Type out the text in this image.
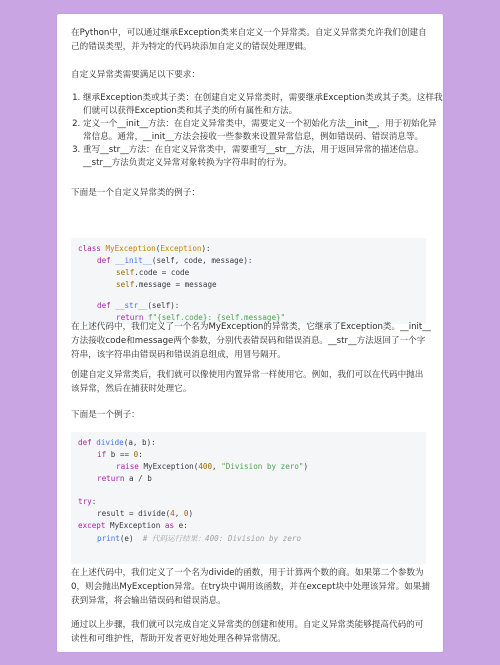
在Python中，可以通过继承Exception类来自定义一个异常类。自定义异常类允许我们创建自己的错误类型，并为特定的代码块添加自定义的错误处理逻辑。

自定义异常类需要满足以下要求：

1. 继承Exception类或其子类：在创建自定义异常类时，需要继承Exception类或其子类。这样我们就可以获得Exception类和其子类的所有属性和方法。
2. 定义一个__init__方法：在自定义异常类中，需要定义一个初始化方法__init__，用于初始化异常信息。通常，__init__方法会接收一些参数来设置异常信息，例如错误码、错误消息等。
3. 重写__str__方法：在自定义异常类中，需要重写__str__方法，用于返回异常的描述信息。__str__方法负责定义异常对象转换为字符串时的行为。

下面是一个自定义异常类的例子：

class MyException(Exception):
def __init__(self, code, message):
self.code = code
self.message = message
def __str__(self):
return f"{self.code}: {self.message}"

在上述代码中，我们定义了一个名为MyException的异常类，它继承了Exception类。__init__方法接收code和message两个参数，分别代表错误码和错误消息。__str__方法返回了一个字符串，该字符串由错误码和错误消息组成，用冒号隔开。

创建自定义异常类后，我们就可以像使用内置异常一样使用它。例如，我们可以在代码中抛出该异常，然后在捕获时处理它。

下面是一个例子：

def divide(a, b):
if b == 0:
raise MyException(400, "Division by zero")
return a / b
try:
result = divide(4, 0)
except MyException as e:
print(e) # 代码运行结果：400: Division by zero

在上述代码中，我们定义了一个名为divide的函数，用于计算两个数的商。如果第二个参数为0，则会抛出MyException异常。在try块中调用该函数，并在except块中处理该异常。如果捕获到异常，将会输出错误码和错误消息。

通过以上步骤，我们就可以完成自定义异常类的创建和使用。自定义异常类能够提高代码的可读性和可维护性，帮助开发者更好地处理各种异常情况。
